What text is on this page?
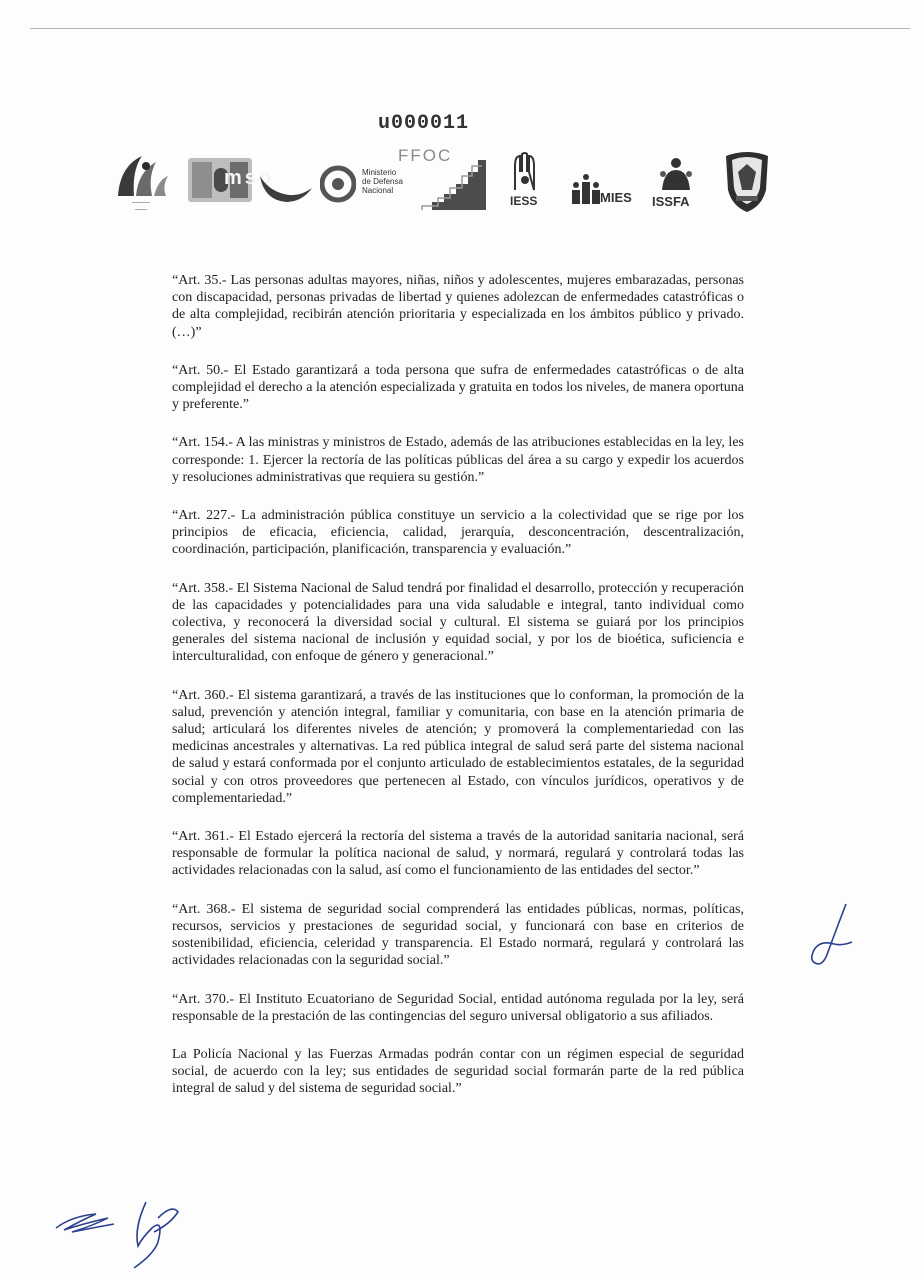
u000011
FFOC
———
——
msp	Ministerio
de Defensa
Nacional
IESS	MIES ISSFA

“Art. 35.- Las personas adultas mayores, niñas, niños y adolescentes, mujeres embarazadas, personas con discapacidad, personas privadas de libertad y quienes adolezcan de enfermedades catastróficas o de alta complejidad, recibirán atención prioritaria y especializada en los ámbitos público y privado.(…)”

“Art. 50.- El Estado garantizará a toda persona que sufra de enfermedades catastróficas o de alta complejidad el derecho a la atención especializada y gratuita en todos los niveles, de manera oportuna y preferente.”

“Art. 154.- A las ministras y ministros de Estado, además de las atribuciones establecidas en la ley, les corresponde: 1. Ejercer la rectoría de las políticas públicas del área a su cargo y expedir los acuerdos y resoluciones administrativas que requiera su gestión.”

“Art. 227.- La administración pública constituye un servicio a la colectividad que se rige por los principios de eficacia, eficiencia, calidad, jerarquía, desconcentración, descentralización, coordinación, participación, planificación, transparencia y evaluación.”

“Art. 358.- El Sistema Nacional de Salud tendrá por finalidad el desarrollo, protección y recuperación de las capacidades y potencialidades para una vida saludable e integral, tanto individual como colectiva, y reconocerá la diversidad social y cultural. El sistema se guiará por los principios generales del sistema nacional de inclusión y equidad social, y por los de bioética, suficiencia e interculturalidad, con enfoque de género y generacional.”

“Art. 360.- El sistema garantizará, a través de las instituciones que lo conforman, la promoción de la salud, prevención y atención integral, familiar y comunitaria, con base en la atención primaria de salud; articulará los diferentes niveles de atención; y promoverá la complementariedad con las medicinas ancestrales y alternativas. La red pública integral de salud será parte del sistema nacional de salud y estará conformada por el conjunto articulado de establecimientos estatales, de la seguridad social y con otros proveedores que pertenecen al Estado, con vínculos jurídicos, operativos y de complementariedad.”

“Art. 361.- El Estado ejercerá la rectoría del sistema a través de la autoridad sanitaria nacional, será responsable de formular la política nacional de salud, y normará, regulará y controlará todas las actividades relacionadas con la salud, así como el funcionamiento de las entidades del sector.”

“Art. 368.- El sistema de seguridad social comprenderá las entidades públicas, normas, políticas, recursos, servicios y prestaciones de seguridad social, y funcionará con base en criterios de sostenibilidad, eficiencia, celeridad y transparencia. El Estado normará, regulará y controlará las actividades relacionadas con la seguridad social.”

“Art. 370.- El Instituto Ecuatoriano de Seguridad Social, entidad autónoma regulada por la ley, será responsable de la prestación de las contingencias del seguro universal obligatorio a sus afiliados.

La Policía Nacional y las Fuerzas Armadas podrán contar con un régimen especial de seguridad social, de acuerdo con la ley; sus entidades de seguridad social formarán parte de la red pública integral de salud y del sistema de seguridad social.”
